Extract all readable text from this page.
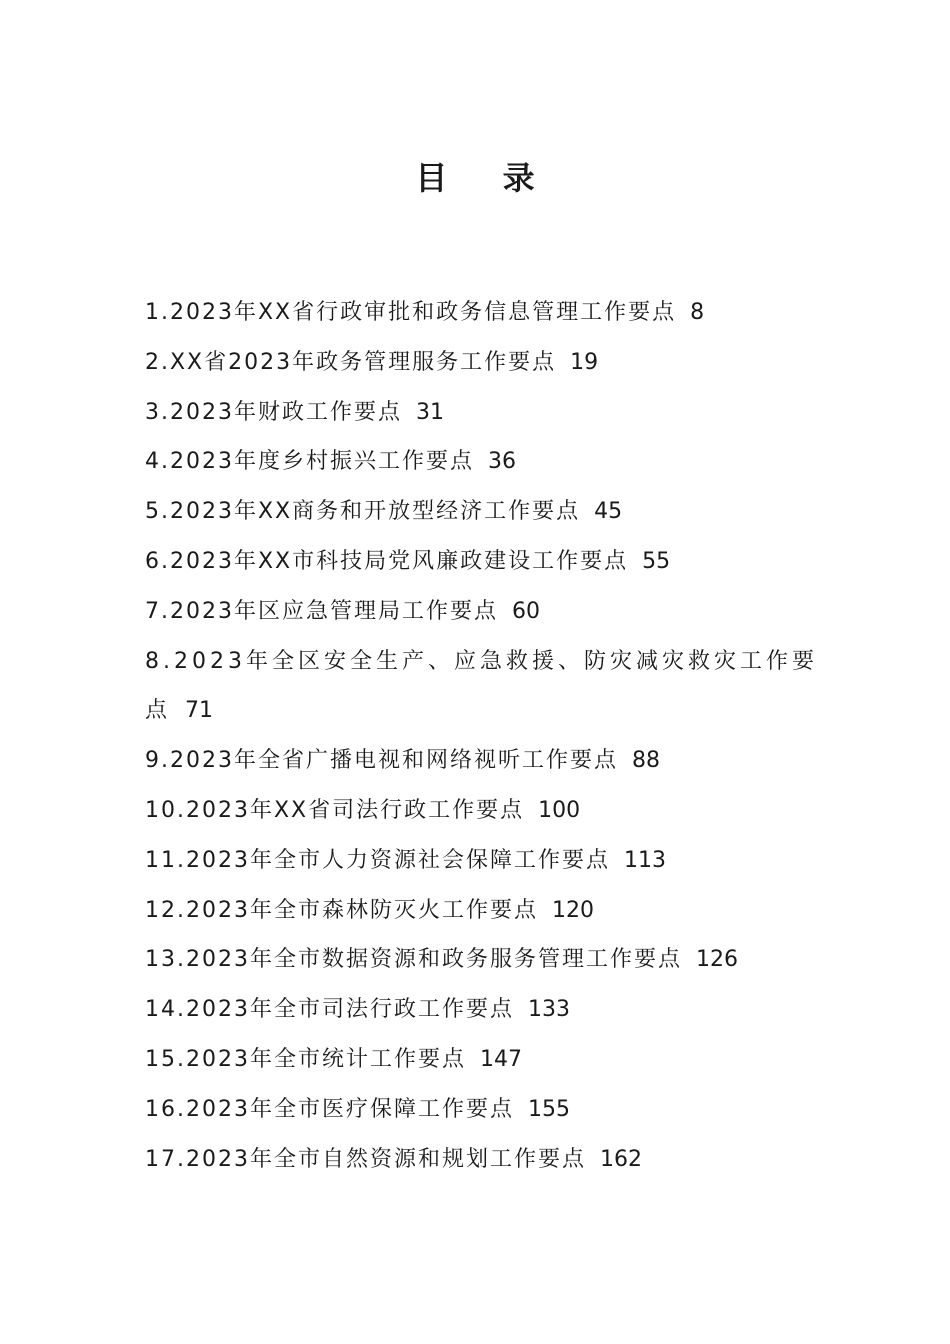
目 录
1.2023年XX省行政审批和政务信息管理工作要点 8
2.XX省2023年政务管理服务工作要点 19
3.2023年财政工作要点 31
4.2023年度乡村振兴工作要点 36
5.2023年XX商务和开放型经济工作要点 45
6.2023年XX市科技局党风廉政建设工作要点 55
7.2023年区应急管理局工作要点 60
8.2023年全区安全生产、应急救援、防灾减灾救灾工作要点 71
9.2023年全省广播电视和网络视听工作要点 88
10.2023年XX省司法行政工作要点 100
11.2023年全市人力资源社会保障工作要点 113
12.2023年全市森林防灭火工作要点 120
13.2023年全市数据资源和政务服务管理工作要点 126
14.2023年全市司法行政工作要点 133
15.2023年全市统计工作要点 147
16.2023年全市医疗保障工作要点 155
17.2023年全市自然资源和规划工作要点 162
